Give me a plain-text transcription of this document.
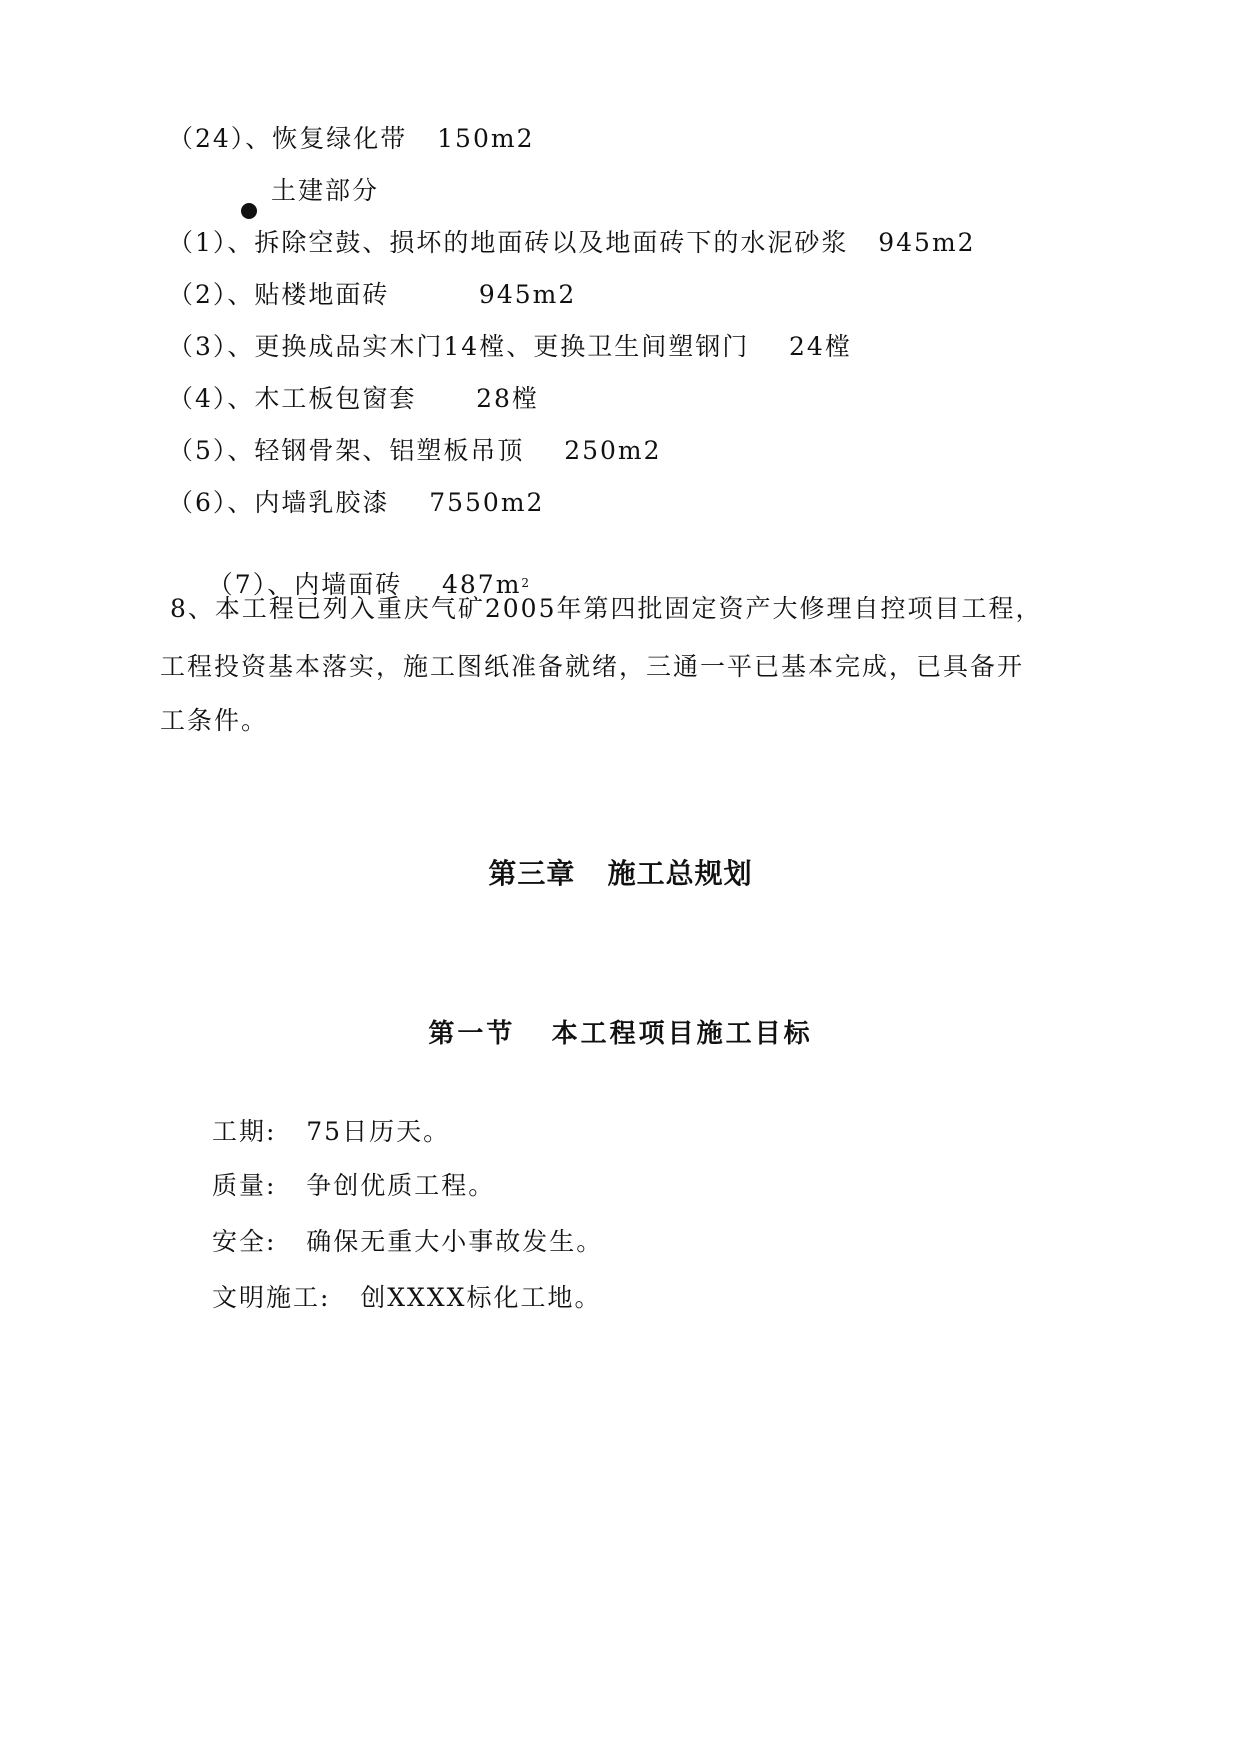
（24）、恢复绿化带   150m2
土建部分
（1）、拆除空鼓、损坏的地面砖以及地面砖下的水泥砂浆   945m2
（2）、贴楼地面砖         945m2
（3）、更换成品实木门14樘、更换卫生间塑钢门    24樘
（4）、木工板包窗套      28樘
（5）、轻钢骨架、铝塑板吊顶    250m2
（6）、内墙乳胶漆    7550m2

（7）、内墙面砖    $487m^2$

8、本工程已列入重庆气矿2005年第四批固定资产大修理自控项目工程，
工程投资基本落实，施工图纸准备就绪，三通一平已基本完成，已具备开
工条件。
第三章   施工总规划
第一节   本工程项目施工目标
工期:   75日历天。
质量:   争创优质工程。
安全:   确保无重大小事故发生。
文明施工:   创XXXX标化工地。
